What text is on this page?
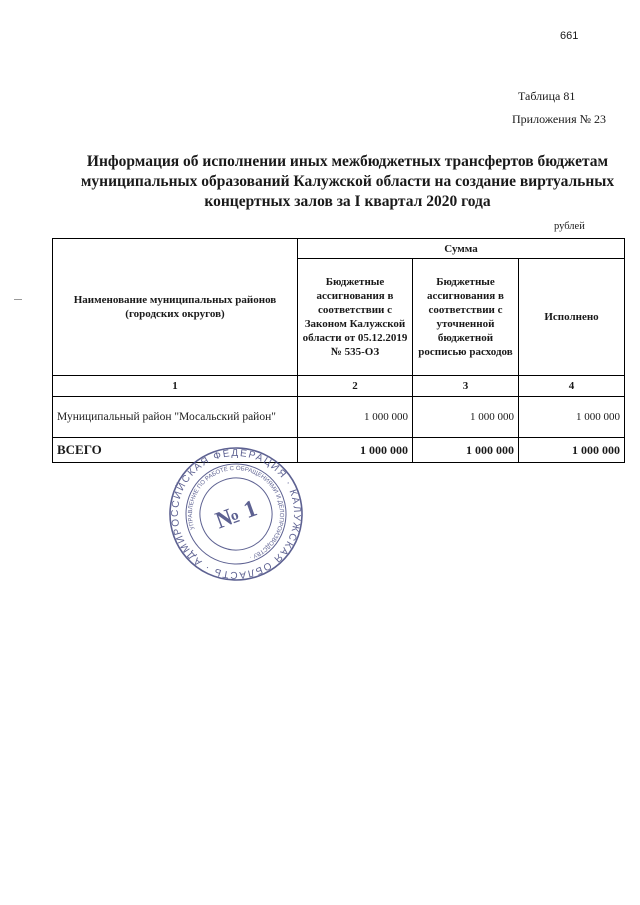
661
Таблица 81
Приложения № 23
Информация об исполнении иных межбюджетных трансфертов бюджетам муниципальных образований Калужской области на создание виртуальных концертных залов за I квартал 2020 года
рублей
Наименование муниципальных районов (городских округов)	Сумма		
	Бюджетные ассигнования в соответствии с Законом Калужской области от 05.12.2019 № 535-ОЗ	Бюджетные ассигнования в соответствии с уточненной бюджетной росписью расходов	Исполнено
1	2	3	4
Муниципальный район "Мосальский район"	1 000 000	1 000 000	1 000 000
ВСЕГО	1 000 000	1 000 000	1 000 000
РОССИЙСКАЯ ФЕДЕРАЦИЯ · КАЛУЖСКАЯ ОБЛАСТЬ · АДМИНИСТРАЦИЯ
УПРАВЛЕНИЕ ПО РАБОТЕ С ОБРАЩЕНИЯМИ И ДЕЛОПРОИЗВОДСТВУ ·
№ 1
